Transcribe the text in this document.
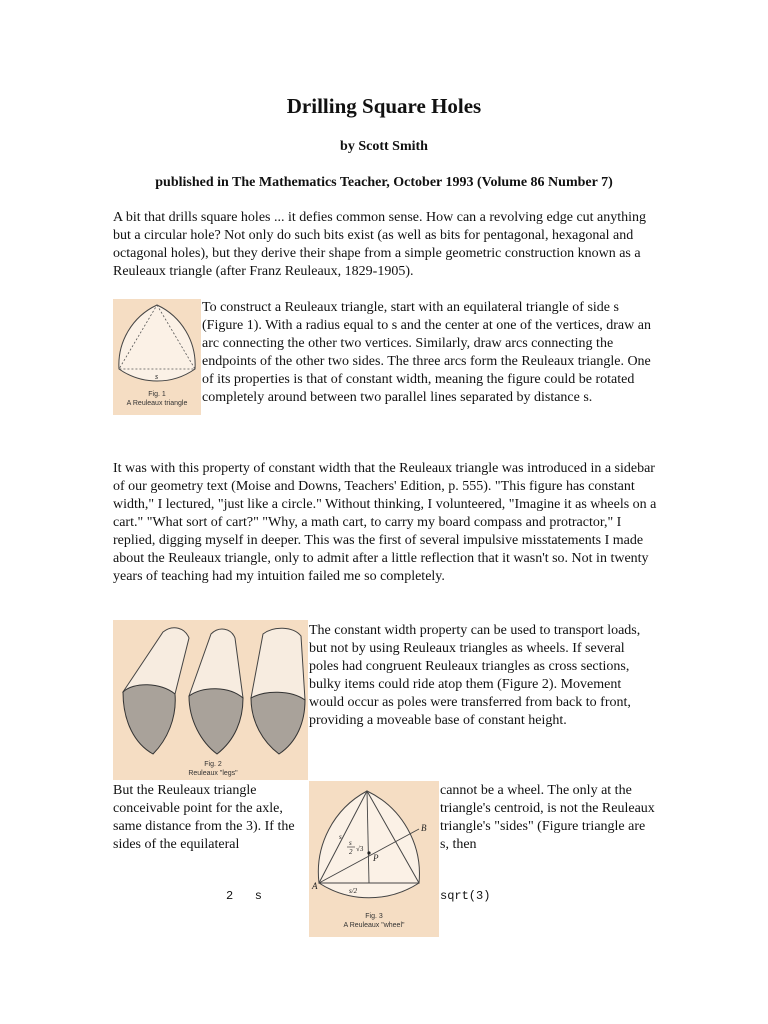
Drilling Square Holes
by Scott Smith
published in The Mathematics Teacher, October 1993 (Volume 86 Number 7)
A bit that drills square holes ... it defies common sense. How can a revolving edge cut anything but a circular hole? Not only do such bits exist (as well as bits for pentagonal, hexagonal and octagonal holes), but they derive their shape from a simple geometric construction known as a Reuleaux triangle (after Franz Reuleaux, 1829-1905).
s
Fig. 1
A Reuleaux triangle
To construct a Reuleaux triangle, start with an equilateral triangle of side s (Figure 1). With a radius equal to s and the center at one of the vertices, draw an arc connecting the other two vertices. Similarly, draw arcs connecting the endpoints of the other two sides. The three arcs form the Reuleaux triangle. One of its properties is that of constant width, meaning the figure could be rotated completely around between two parallel lines separated by distance s.
It was with this property of constant width that the Reuleaux triangle was introduced in a sidebar of our geometry text (Moise and Downs, Teachers' Edition, p. 555). "This figure has constant width," I lectured, "just like a circle." Without thinking, I volunteered, "Imagine it as wheels on a cart." "What sort of cart?" "Why, a math cart, to carry my board compass and protractor," I replied, digging myself in deeper. This was the first of several impulsive misstatements I made about the Reuleaux triangle, only to admit after a little reflection that it wasn't so. Not in twenty years of teaching had my intuition failed me so completely.
Fig. 2
Reuleaux "legs"
The constant width property can be used to transport loads, but not by using Reuleaux triangles as wheels. If several poles had congruent Reuleaux triangles as cross sections, bulky items could ride atop them (Figure 2). Movement would occur as poles were transferred from back to front, providing a moveable base of constant height.
But the Reuleaux triangle conceivable point for the axle, same distance from the 3). If the sides of the equilateral
A
B
P
s
s
2 √3
s/2
Fig. 3
A Reuleaux "wheel"
cannot be a wheel. The only at the triangle's centroid, is not the Reuleaux triangle's "sides" (Figure triangle are s, then
2   s	sqrt(3)
